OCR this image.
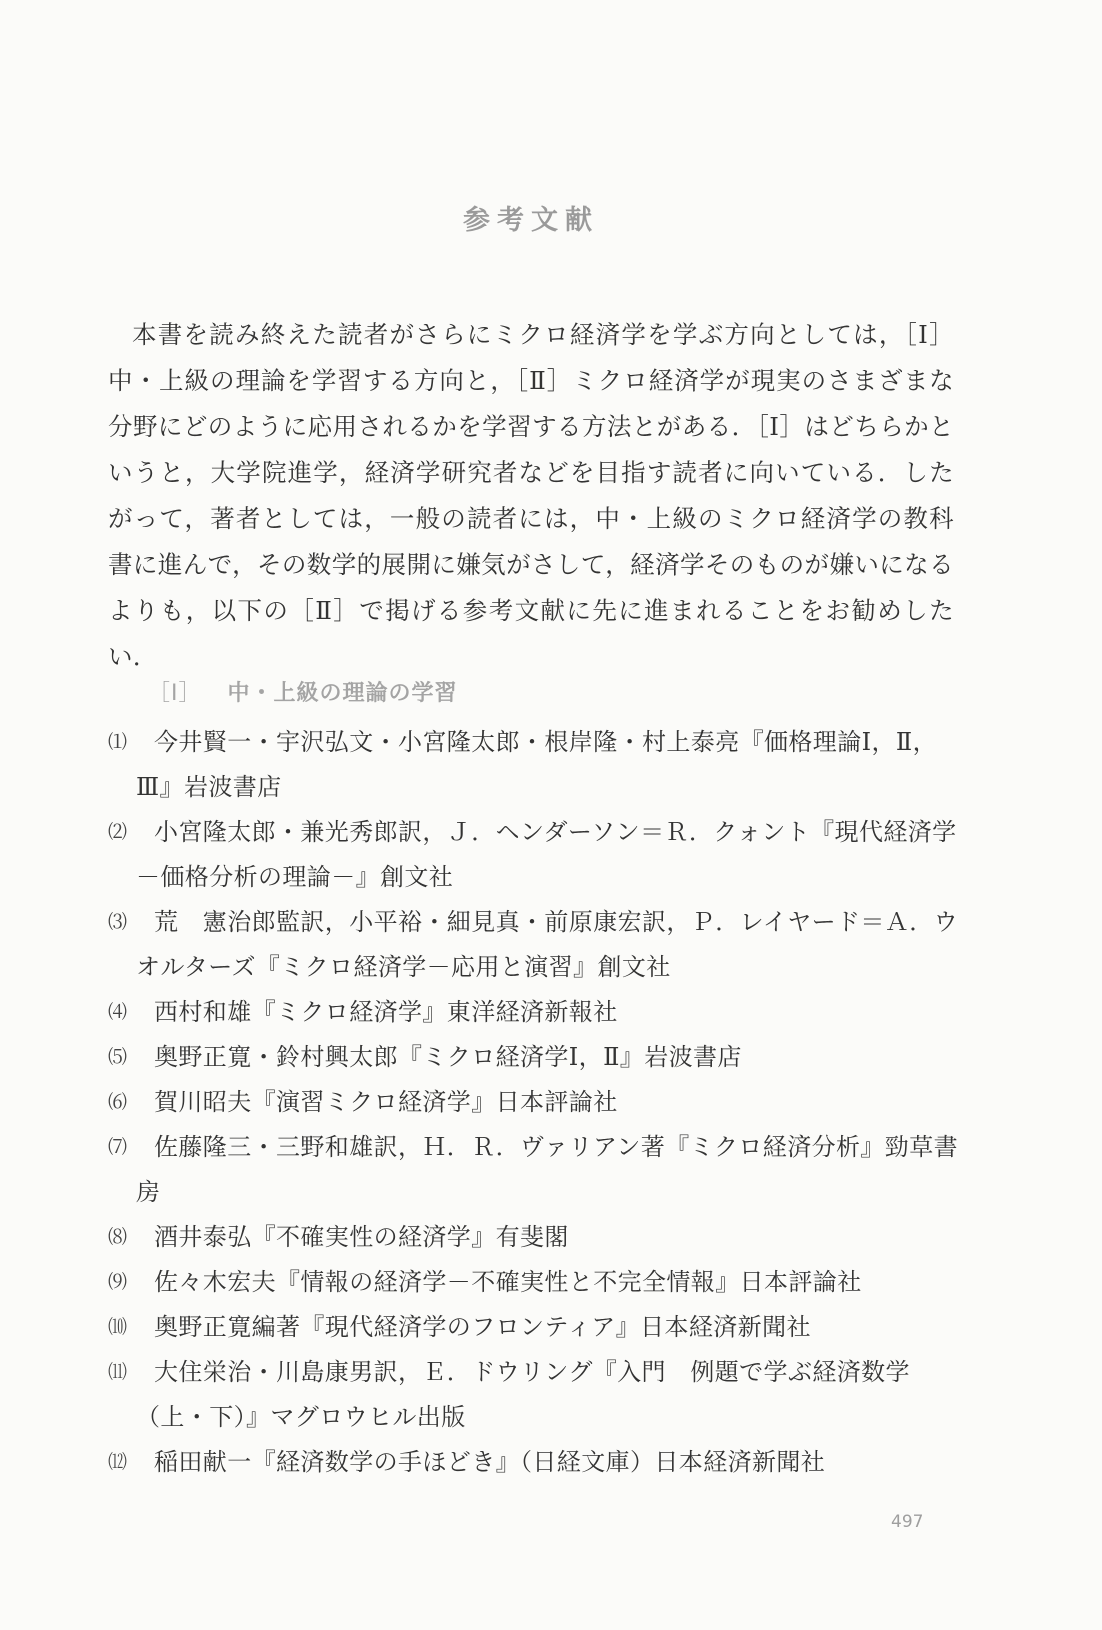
参考文献

本書を読み終えた読者がさらにミクロ経済学を学ぶ方向としては，［Ⅰ］中・上級の理論を学習する方向と，［Ⅱ］ミクロ経済学が現実のさまざまな分野にどのように応用されるかを学習する方法とがある．［Ⅰ］はどちらかというと，大学院進学，経済学研究者などを目指す読者に向いている．したがって，著者としては，一般の読者には，中・上級のミクロ経済学の教科書に進んで，その数学的展開に嫌気がさして，経済学そのものが嫌いになるよりも，以下の［Ⅱ］で掲げる参考文献に先に進まれることをお勧めしたい．

［Ⅰ］ 中・上級の理論の学習
⑴	今井賢一・宇沢弘文・小宮隆太郎・根岸隆・村上泰亮『価格理論Ⅰ，Ⅱ，Ⅲ』岩波書店
⑵	小宮隆太郎・兼光秀郎訳，Ｊ．ヘンダーソン＝Ｒ．クォント『現代経済学－価格分析の理論－』創文社
⑶	荒　憲治郎監訳，小平裕・細見真・前原康宏訳，Ｐ．レイヤード＝Ａ．ウオルターズ『ミクロ経済学－応用と演習』創文社
⑷	西村和雄『ミクロ経済学』東洋経済新報社
⑸	奥野正寛・鈴村興太郎『ミクロ経済学Ⅰ，Ⅱ』岩波書店
⑹	賀川昭夫『演習ミクロ経済学』日本評論社
⑺	佐藤隆三・三野和雄訳，Ｈ．Ｒ．ヴァリアン著『ミクロ経済分析』勁草書房
⑻	酒井泰弘『不確実性の経済学』有斐閣
⑼	佐々木宏夫『情報の経済学－不確実性と不完全情報』日本評論社
⑽	奥野正寛編著『現代経済学のフロンティア』日本経済新聞社
⑾	大住栄治・川島康男訳，Ｅ．ドウリング『入門　例題で学ぶ経済数学（上・下）』マグロウヒル出版
⑿	稲田献一『経済数学の手ほどき』（日経文庫）日本経済新聞社
497
